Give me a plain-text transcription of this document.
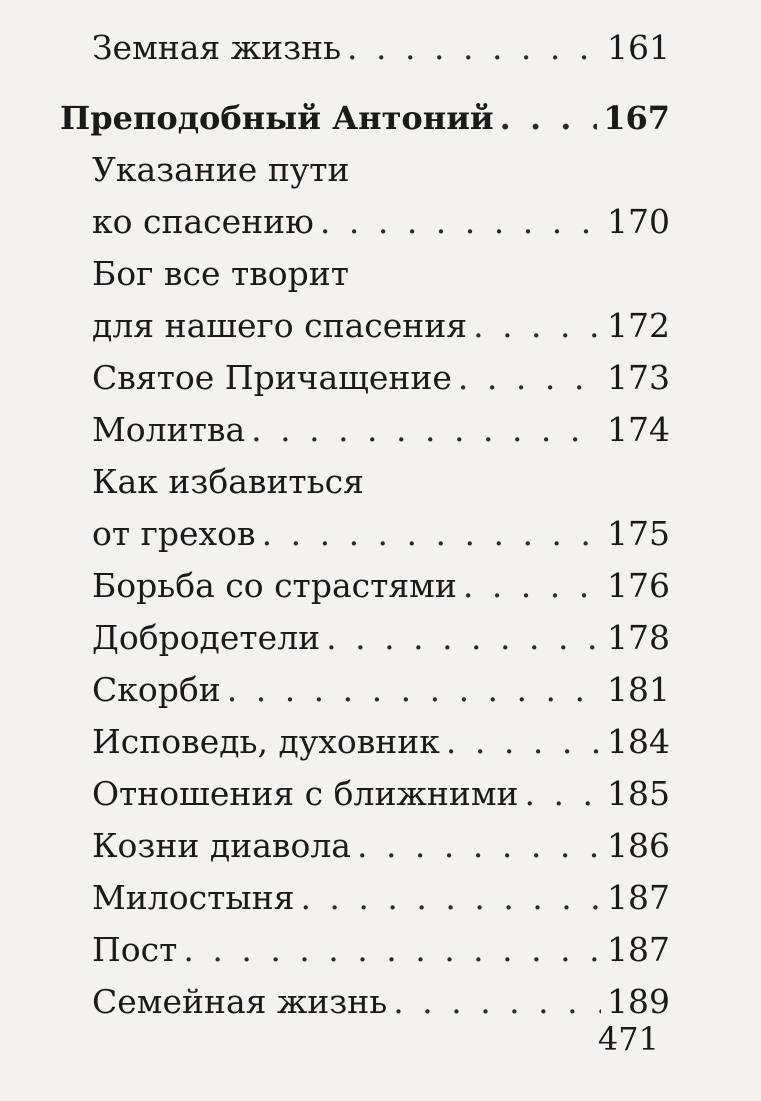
Земная жизнь . . .	161
Преподобный Антоний . . .	167
Указание пути
ко спасению . . .	170
Бог все творит
для нашего спасения . . .	172
Святое Причащение . . .	173
Молитва . . .	174
Как избавиться
от грехов . . .	175
Борьба со страстями . . .	176
Добродетели . . .	178
Скорби . . .	181
Исповедь, духовник . . .	184
Отношения с ближними . . .	185
Козни диавола . . .	186
Милостыня . . .	187
Пост . . .	187
Семейная жизнь . . .	189
471
